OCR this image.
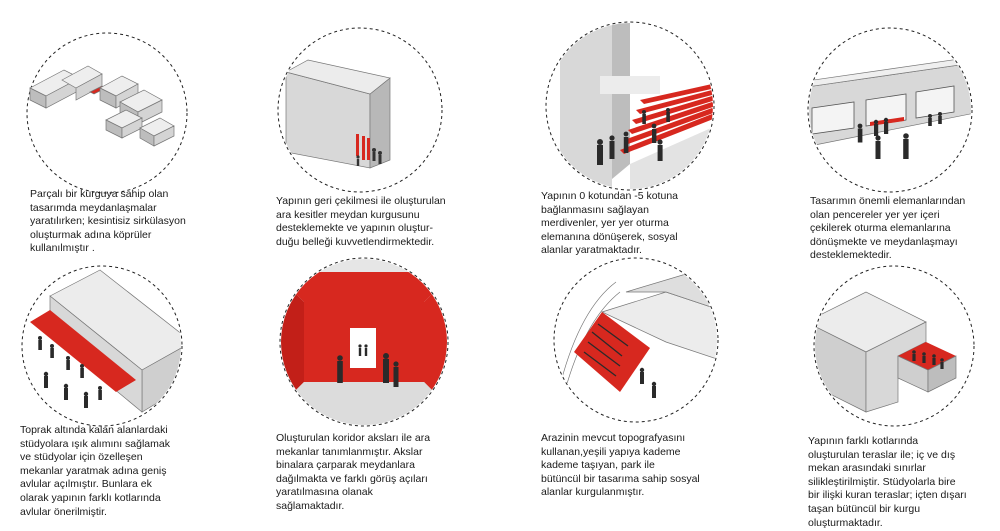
Parçalı bir kurguya sahip olan
tasarımda meydanlaşmalar
yaratılırken; kesintisiz sirkülasyon
oluşturmak adına köprüler
kullanılmıştır .
Yapının geri çekilmesi ile oluşturulan
ara kesitler meydan kurgusunu
desteklemekte ve yapının oluştur-
duğu belleği kuvvetlendirmektedir.
Yapının 0 kotundan -5 kotuna
bağlanmasını sağlayan
merdivenler, yer yer oturma
elemanına dönüşerek, sosyal
alanlar yaratmaktadır.
Tasarımın önemli elemanlarından
olan pencereler yer yer içeri
çekilerek oturma elemanlarına
dönüşmekte ve meydanlaşmayı
desteklemektedir.
Toprak altında kalan alanlardaki
stüdyolara ışık alımını sağlamak
ve stüdyolar için özelleşen
mekanlar yaratmak adına geniş
avlular açılmıştır. Bunlara ek
olarak yapının farklı kotlarında
avlular önerilmiştir.
Oluşturulan koridor aksları ile ara
mekanlar tanımlanmıştır. Akslar
binalara çarparak meydanlara
dağılmakta ve farklı görüş açıları
yaratılmasına olanak
sağlamaktadır.
Arazinin mevcut topografyasını
kullanan,yeşili yapıya kademe
kademe taşıyan, park ile
bütüncül bir tasarıma sahip sosyal
alanlar kurgulanmıştır.
Yapının farklı kotlarında
oluşturulan teraslar ile; iç ve dış
mekan arasındaki sınırlar
silikleştirilmiştir. Stüdyolarla bire
bir ilişki kuran teraslar; içten dışarı
taşan bütüncül bir kurgu
oluşturmaktadır.
